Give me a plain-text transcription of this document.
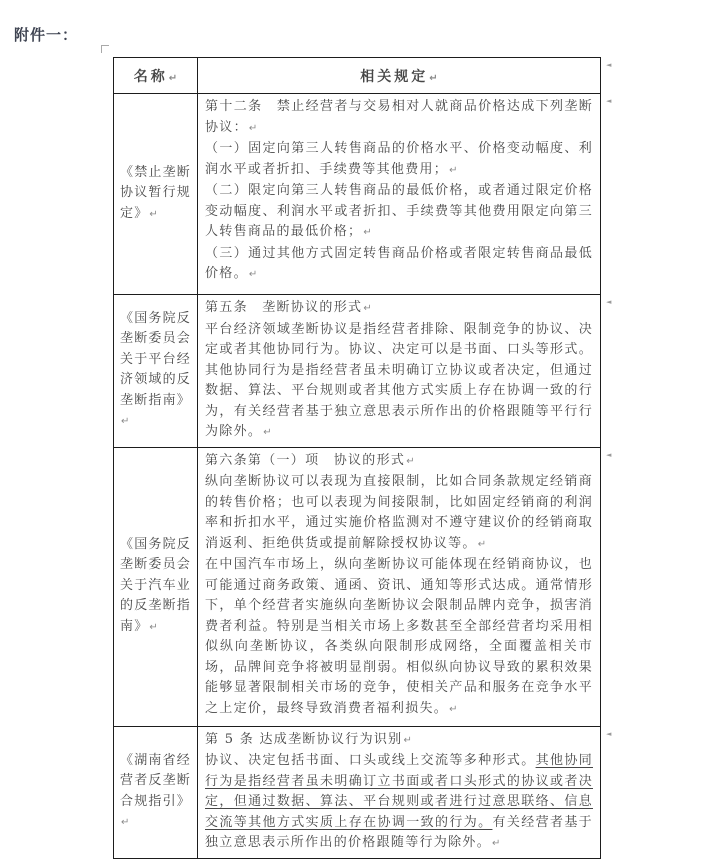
附件一：
名称↵	相关规定↵
《禁止垄断协议暂行规定》↵	第十二条　禁止经营者与交易相对人就商品价格达成下列垄断协议：↵

（一）固定向第三人转售商品的价格水平、价格变动幅度、利润水平或者折扣、手续费等其他费用；↵

（二）限定向第三人转售商品的最低价格，或者通过限定价格变动幅度、利润水平或者折扣、手续费等其他费用限定向第三人转售商品的最低价格；↵

（三）通过其他方式固定转售商品价格或者限定转售商品最低价格。↵

《国务院反垄断委员会关于平台经济领域的反垄断指南》↵	第五条　垄断协议的形式↵

平台经济领域垄断协议是指经营者排除、限制竞争的协议、决定或者其他协同行为。协议、决定可以是书面、口头等形式。其他协同行为是指经营者虽未明确订立协议或者决定，但通过数据、算法、平台规则或者其他方式实质上存在协调一致的行为，有关经营者基于独立意思表示所作出的价格跟随等平行行为除外。↵

《国务院反垄断委员会关于汽车业的反垄断指南》↵	第六条第（一）项　协议的形式↵

纵向垄断协议可以表现为直接限制，比如合同条款规定经销商的转售价格；也可以表现为间接限制，比如固定经销商的利润率和折扣水平，通过实施价格监测对不遵守建议价的经销商取消返利、拒绝供货或提前解除授权协议等。↵

在中国汽车市场上，纵向垄断协议可能体现在经销商协议，也可能通过商务政策、通函、资讯、通知等形式达成。通常情形下，单个经营者实施纵向垄断协议会限制品牌内竞争，损害消费者利益。特别是当相关市场上多数甚至全部经营者均采用相似纵向垄断协议，各类纵向限制形成网络，全面覆盖相关市场，品牌间竞争将被明显削弱。相似纵向协议导致的累积效果能够显著限制相关市场的竞争，使相关产品和服务在竞争水平之上定价，最终导致消费者福利损失。↵

《湖南省经营者反垄断合规指引》↵	第 5 条 达成垄断协议行为识别↵

协议、决定包括书面、口头或线上交流等多种形式。其他协同行为是指经营者虽未明确订立书面或者口头形式的协议或者决定，但通过数据、算法、平台规则或者进行过意思联络、信息交流等其他方式实质上存在协调一致的行为。有关经营者基于独立意思表示所作出的价格跟随等行为除外。↵

◄
◄
◄
◄
◄
